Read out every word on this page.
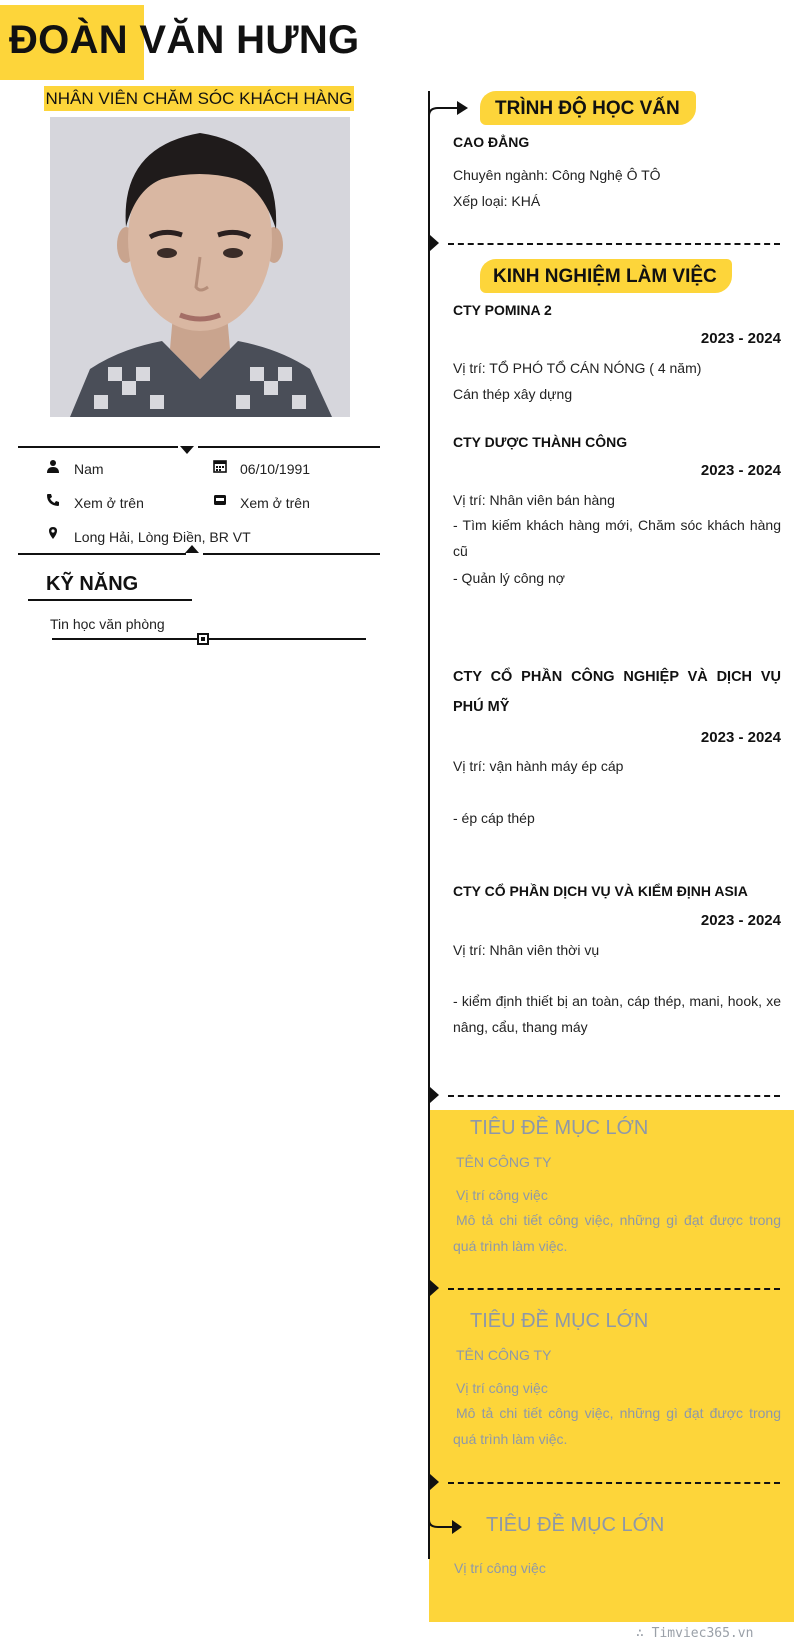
ĐOÀN VĂN HƯNG
NHÂN VIÊN CHĂM SÓC KHÁCH HÀNG
Nam	06/10/1991
Xem ở trên	Xem ở trên
Long Hải, Lòng Điền, BR VT
KỸ NĂNG
Tin học văn phòng
TRÌNH ĐỘ HỌC VẤN
CAO ĐẲNG
Chuyên ngành: Công Nghệ Ô TÔ
Xếp loại: KHÁ
KINH NGHIỆM LÀM VIỆC
CTY POMINA 2
2023 - 2024
Vị trí: TỔ PHÓ TỔ CÁN NÓNG ( 4 năm)
Cán thép xây dựng
CTY DƯỢC THÀNH CÔNG
2023 - 2024
Vị trí: Nhân viên bán hàng
- Tìm kiếm khách hàng mới, Chăm sóc khách hàng cũ
- Quản lý công nợ
CTY CỔ PHẦN CÔNG NGHIỆP VÀ DỊCH VỤ PHÚ MỸ
2023 - 2024
Vị trí: vận hành máy ép cáp
- ép cáp thép
CTY CỔ PHẦN DỊCH VỤ VÀ KIỂM ĐỊNH ASIA
2023 - 2024
Vị trí: Nhân viên thời vụ
- kiểm định thiết bị an toàn, cáp thép, mani, hook, xe nâng, cẩu, thang máy
TIÊU ĐỀ MỤC LỚN
TÊN CÔNG TY
Vị trí công việc
Mô tả chi tiết công việc, những gì đạt được trong quá trình làm việc.
TIÊU ĐỀ MỤC LỚN
TÊN CÔNG TY
Vị trí công việc
Mô tả chi tiết công việc, những gì đạt được trong quá trình làm việc.
TIÊU ĐỀ MỤC LỚN
Vị trí công việc
∴ Timviec365.vn
